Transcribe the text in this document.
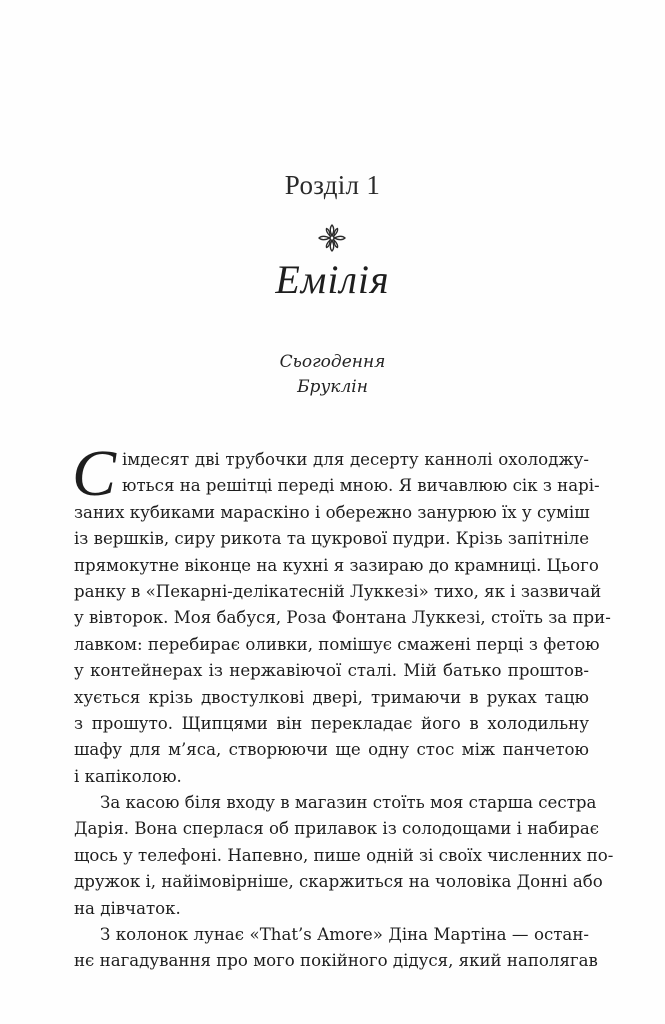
Розділ 1
Емілія
Сьогодення
Бруклін
С імдесят дві трубочки для десерту каннолі охолоджу-
ються на решітці переді мною. Я вичавлюю сік з нарі-
заних кубиками мараскіно і обережно занурюю їх у суміш
із вершків, сиру рикота та цукрової пудри. Крізь запітніле
прямокутне віконце на кухні я зазираю до крамниці. Цього
ранку в «Пекарні-делікатесній Луккезі» тихо, як і зазвичай
у вівторок. Моя бабуся, Роза Фонтана Луккезі, стоїть за при-
лавком: перебирає оливки, помішує смажені перці з фетою
у контейнерах із нержавіючої сталі. Мій батько проштов-
хується крізь двостулкові двері, тримаючи в руках тацю
з прошуто. Щипцями він перекладає його в холодильну
шафу для м’яса, створюючи ще одну стос між панчетою
і капіколою.
За касою біля входу в магазин стоїть моя старша сестра
Дарія. Вона сперлася об прилавок із солодощами і набирає
щось у телефоні. Напевно, пише одній зі своїх численних по-
дружок і, найімовірніше, скаржиться на чоловіка Донні або
на дівчаток.
З колонок лунає «That’s Amore» Діна Мартіна — остан-
нє нагадування про мого покійного дідуся, який наполягав
